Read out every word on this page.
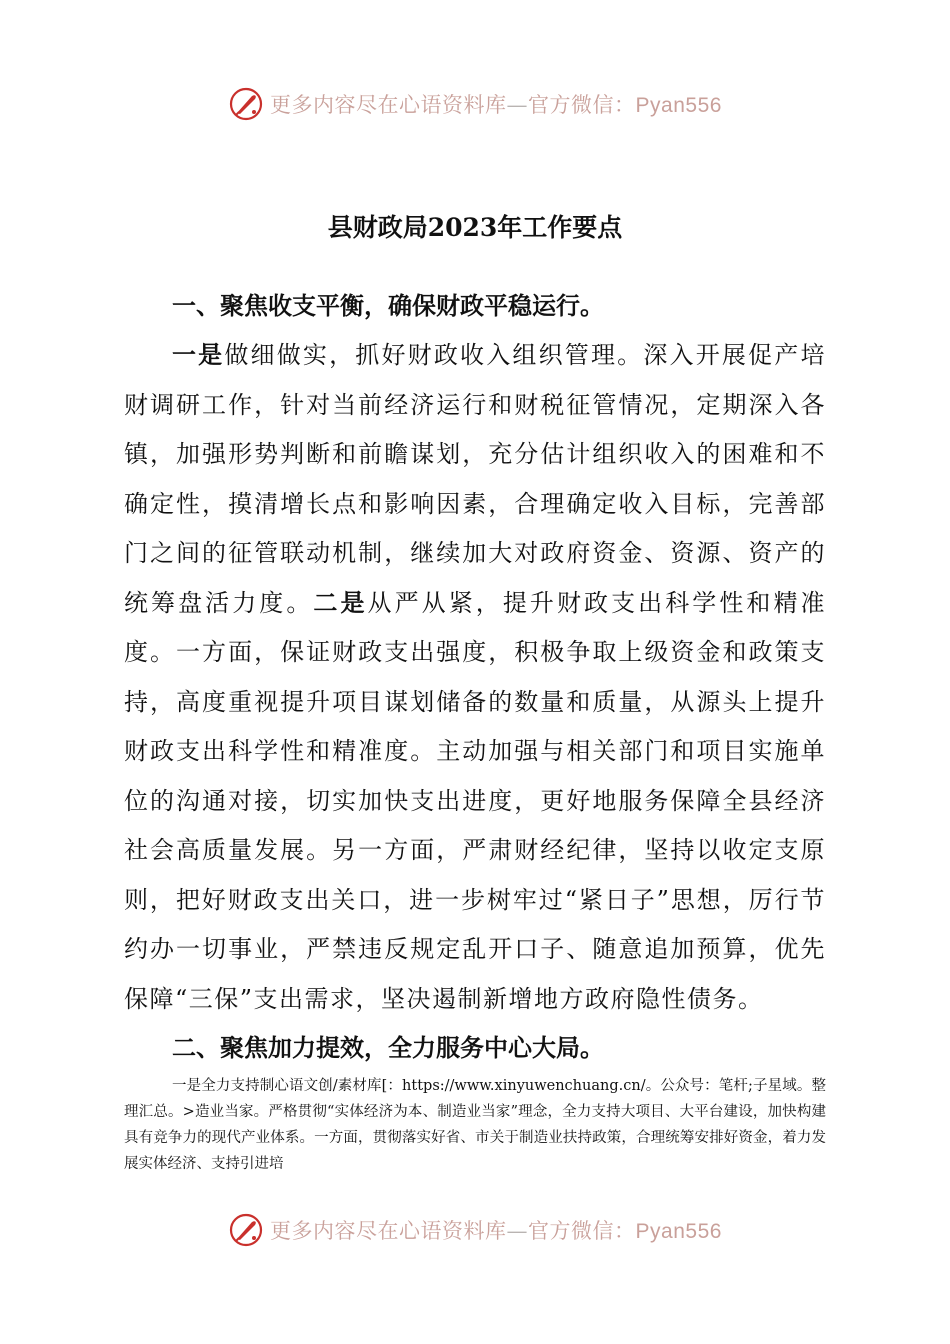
更多内容尽在心语资料库—官方微信：Pyan556
县财政局2023年工作要点

一、聚焦收支平衡，确保财政平稳运行。

一是做细做实，抓好财政收入组织管理。深入开展促产培财调研工作，针对当前经济运行和财税征管情况，定期深入各镇，加强形势判断和前瞻谋划，充分估计组织收入的困难和不确定性，摸清增长点和影响因素，合理确定收入目标，完善部门之间的征管联动机制，继续加大对政府资金、资源、资产的统筹盘活力度。二是从严从紧，提升财政支出科学性和精准度。一方面，保证财政支出强度，积极争取上级资金和政策支持，高度重视提升项目谋划储备的数量和质量，从源头上提升财政支出科学性和精准度。主动加强与相关部门和项目实施单位的沟通对接，切实加快支出进度，更好地服务保障全县经济社会高质量发展。另一方面，严肃财经纪律，坚持以收定支原则，把好财政支出关口，进一步树牢过“紧日子”思想，厉行节约办一切事业，严禁违反规定乱开口子、随意追加预算，优先保障“三保”支出需求，坚决遏制新增地方政府隐性债务。

二、聚焦加力提效，全力服务中心大局。

一是全力支持制心语文创/素材库[：https://www.xinyuwenchuang.cn/。公众号：笔杆;子星域。整理汇总。>造业当家。严格贯彻“实体经济为本、制造业当家”理念，全力支持大项目、大平台建设，加快构建具有竞争力的现代产业体系。一方面，贯彻落实好省、市关于制造业扶持政策，合理统筹安排好资金，着力发展实体经济、支持引进培

更多内容尽在心语资料库—官方微信：Pyan556
